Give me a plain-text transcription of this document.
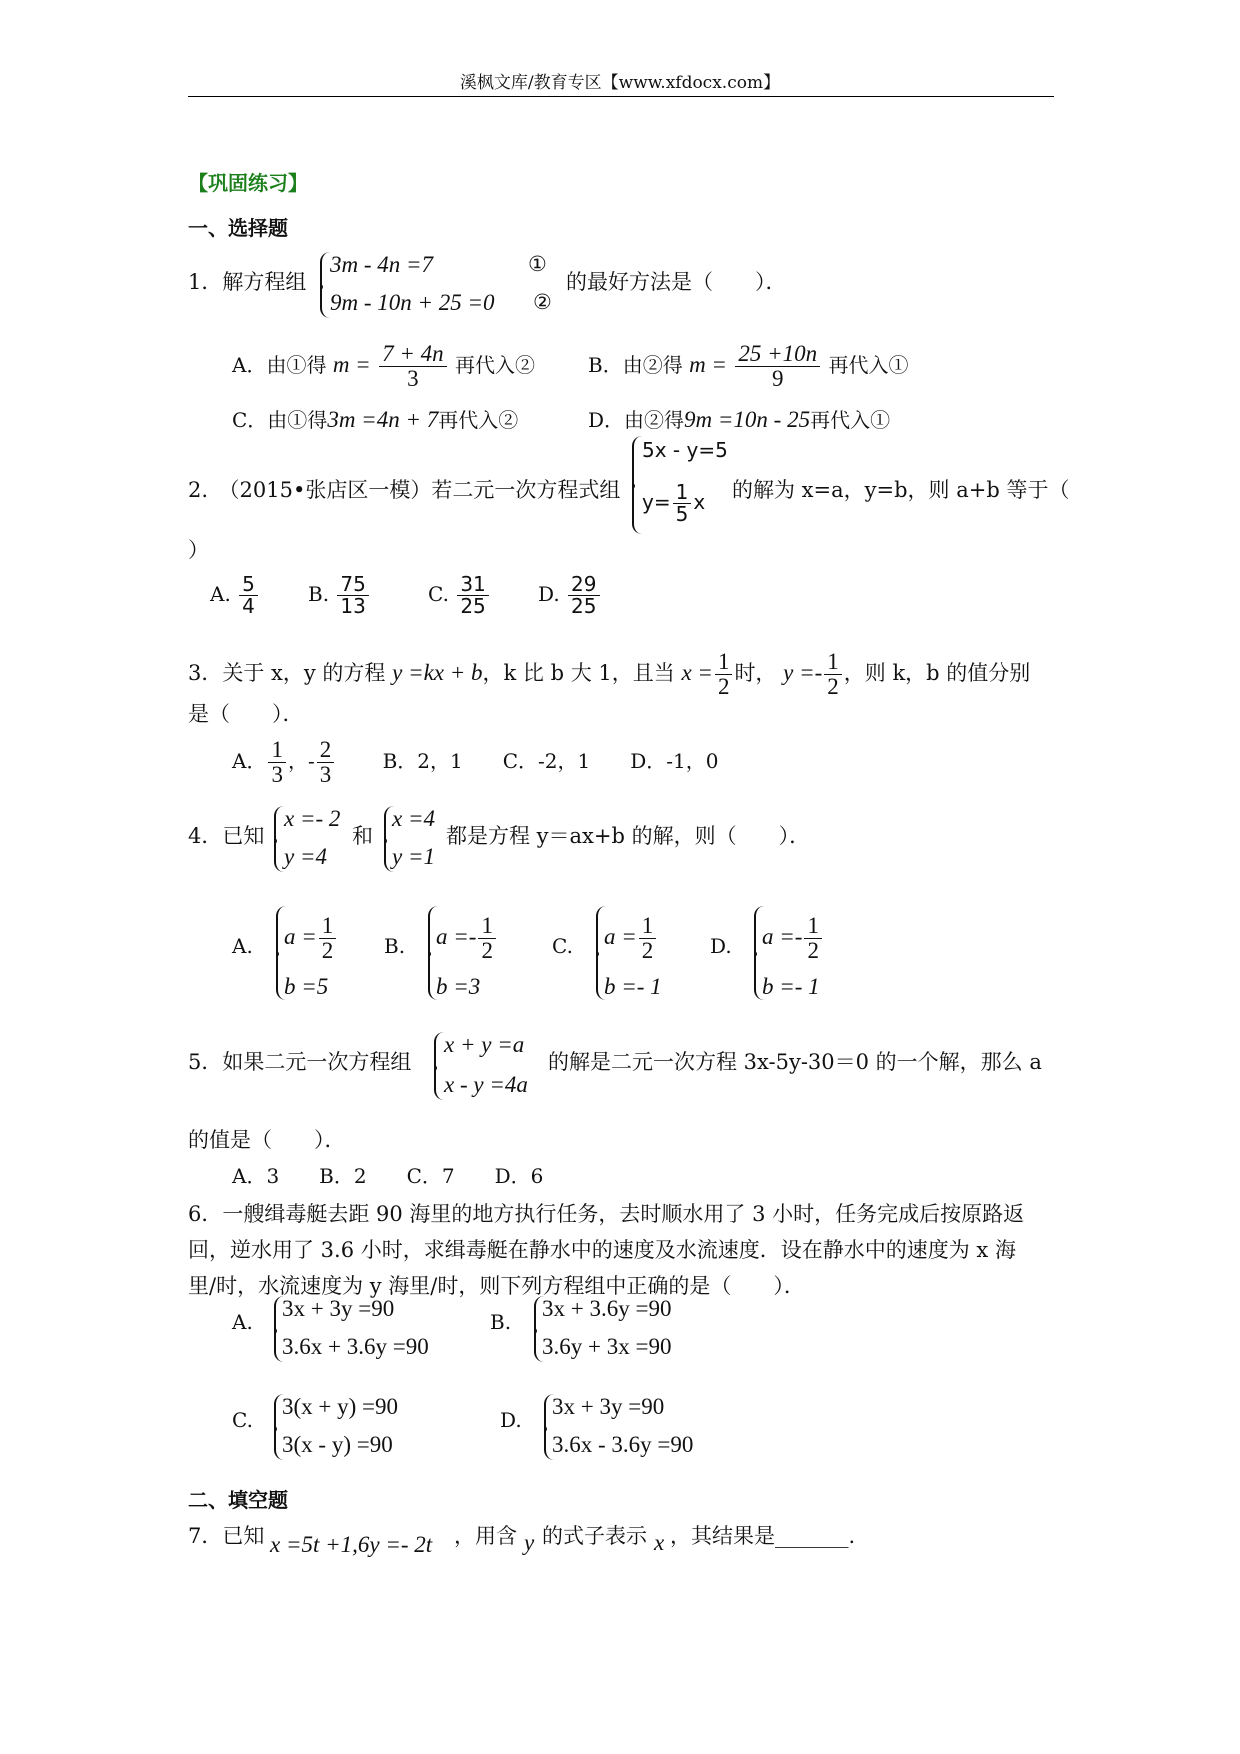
溪枫文库/教育专区【www.xfdocx.com】
【巩固练习】
一、选择题
1．解方程组
3m - 4n =7
9m - 10n + 25 =0
①
②
的最好方法是（　　）．
A．由①得 $m = \frac{7 + 4n}{3}$ 再代入②	B．由②得 $m = \frac{25 +10n}{9}$ 再代入①
C．由①得3m =4n + 7再代入②	D．由②得9m =10n - 25再代入①
2.　（2015•张店区一模）若二元一次方程式组
5x - y=5
$y= \frac{1}{5}$ x 的解为 x=a，y=b，则 a+b 等于（
）
A. $\frac{5}{4}$	B. $\frac{75}{13}$	C. $\frac{31}{25} D$. $\frac{29}{25}$
3．关于 x，y 的方程 y =kx + b，k 比 b 大 1，且当 $x = \frac{1}{2}$ 时， $y =- \frac{1}{2}$ ，则 k，b 的值分别
是（　　）．
A． $\frac{1}{3}$ ，- $\frac{2}{3}$ B．2，1　　C．-2，1　　D．-1，0
4．已知
x =- 2
y =4
和
x =4
y =1
都是方程 y＝ax+b 的解，则（　　）．
A. $a = \frac{1}{2}$
b =5
B. $a =- \frac{1}{2}$
b =3
C. $a = \frac{1}{2}$
b =- 1
D. $a =- \frac{1}{2}$
b =- 1
5．如果二元一次方程组
x + y =a
x - y =4a
的解是二元一次方程 3x-5y-30＝0 的一个解，那么 a
的值是（　　）．
A．3　　B．2　　C．7　　D．6
6．一艘缉毒艇去距 90 海里的地方执行任务，去时顺水用了 3 小时，任务完成后按原路返
回，逆水用了 3.6 小时，求缉毒艇在静水中的速度及水流速度．设在静水中的速度为 x 海
里/时，水流速度为 y 海里/时，则下列方程组中正确的是（　　）．
A.
3x + 3y =90
3.6x + 3.6y =90
B.
3x + 3.6y =90
3.6y + 3x =90
C.
3(x + y) =90
3(x - y) =90
D.
3x + 3y =90
3.6x - 3.6y =90
二、填空题
7．已知 x =5t +1,6y =- 2t ，用含 y 的式子表示 x ，其结果是_______.
